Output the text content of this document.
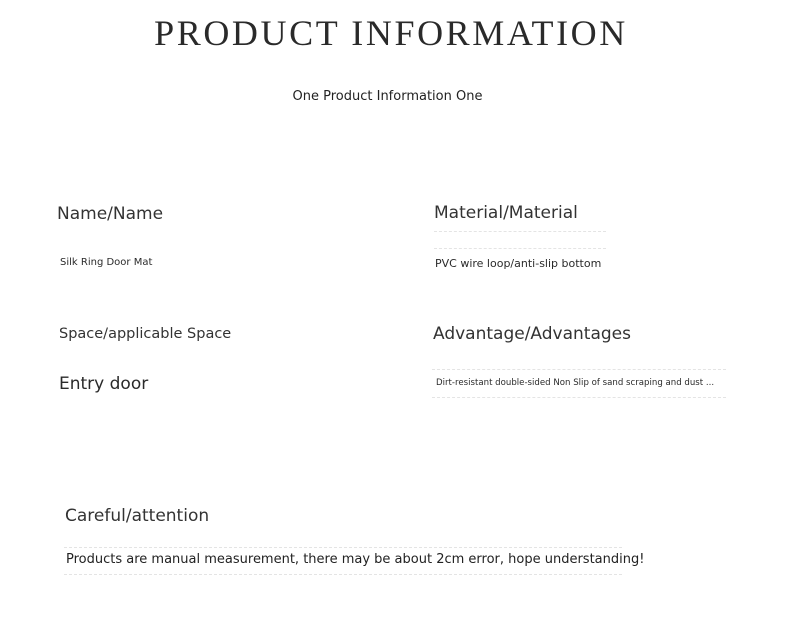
PRODUCT INFORMATION
One Product Information One
Name/Name
Silk Ring Door Mat
Material/Material
PVC wire loop/anti-slip bottom
Space/applicable Space
Entry door
Advantage/Advantages
Dirt-resistant double-sided Non Slip of sand scraping and dust ...
Careful/attention
Products are manual measurement, there may be about 2cm error, hope understanding!
